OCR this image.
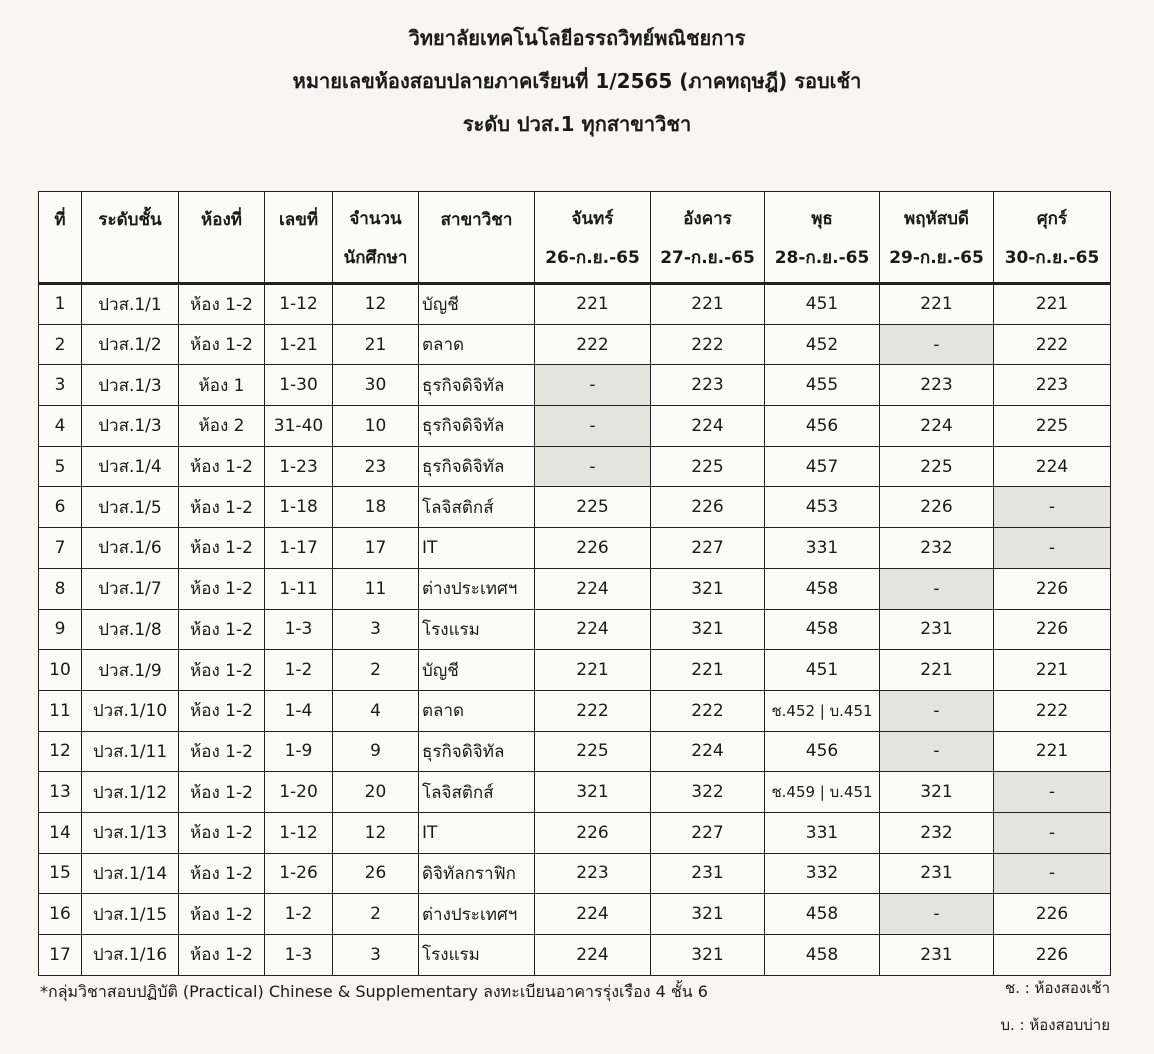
วิทยาลัยเทคโนโลยีอรรถวิทย์พณิชยการ
หมายเลขห้องสอบปลายภาคเรียนที่ 1/2565 (ภาคทฤษฎี) รอบเช้า
ระดับ ปวส.1 ทุกสาขาวิชา
ที่	ระดับชั้น	ห้องที่	เลขที่	จำนวน	สาขาวิชา	จันทร์	อังคาร	พุธ	พฤหัสบดี	ศุกร์
				นักศึกษา		26-ก.ย.-65	27-ก.ย.-65	28-ก.ย.-65	29-ก.ย.-65	30-ก.ย.-65
1	ปวส.1/1	ห้อง 1-2	1-12	12	บัญชี	221	221	451	221	221
2	ปวส.1/2	ห้อง 1-2	1-21	21	ตลาด	222	222	452	-	222
3	ปวส.1/3	ห้อง 1	1-30	30	ธุรกิจดิจิทัล	-	223	455	223	223
4	ปวส.1/3	ห้อง 2	31-40	10	ธุรกิจดิจิทัล	-	224	456	224	225
5	ปวส.1/4	ห้อง 1-2	1-23	23	ธุรกิจดิจิทัล	-	225	457	225	224
6	ปวส.1/5	ห้อง 1-2	1-18	18	โลจิสติกส์	225	226	453	226	-
7	ปวส.1/6	ห้อง 1-2	1-17	17	IT	226	227	331	232	-
8	ปวส.1/7	ห้อง 1-2	1-11	11	ต่างประเทศฯ	224	321	458	-	226
9	ปวส.1/8	ห้อง 1-2	1-3	3	โรงแรม	224	321	458	231	226
10	ปวส.1/9	ห้อง 1-2	1-2	2	บัญชี	221	221	451	221	221
11	ปวส.1/10	ห้อง 1-2	1-4	4	ตลาด	222	222	ช.452 | บ.451	-	222
12	ปวส.1/11	ห้อง 1-2	1-9	9	ธุรกิจดิจิทัล	225	224	456	-	221
13	ปวส.1/12	ห้อง 1-2	1-20	20	โลจิสติกส์	321	322	ช.459 | บ.451	321	-
14	ปวส.1/13	ห้อง 1-2	1-12	12	IT	226	227	331	232	-
15	ปวส.1/14	ห้อง 1-2	1-26	26	ดิจิทัลกราฟิก	223	231	332	231	-
16	ปวส.1/15	ห้อง 1-2	1-2	2	ต่างประเทศฯ	224	321	458	-	226
17	ปวส.1/16	ห้อง 1-2	1-3	3	โรงแรม	224	321	458	231	226
*กลุ่มวิชาสอบปฏิบัติ (Practical) Chinese & Supplementary ลงทะเบียนอาคารรุ่งเรือง 4 ชั้น 6	ช. : ห้องสองเช้า
บ. : ห้องสอบบ่าย
